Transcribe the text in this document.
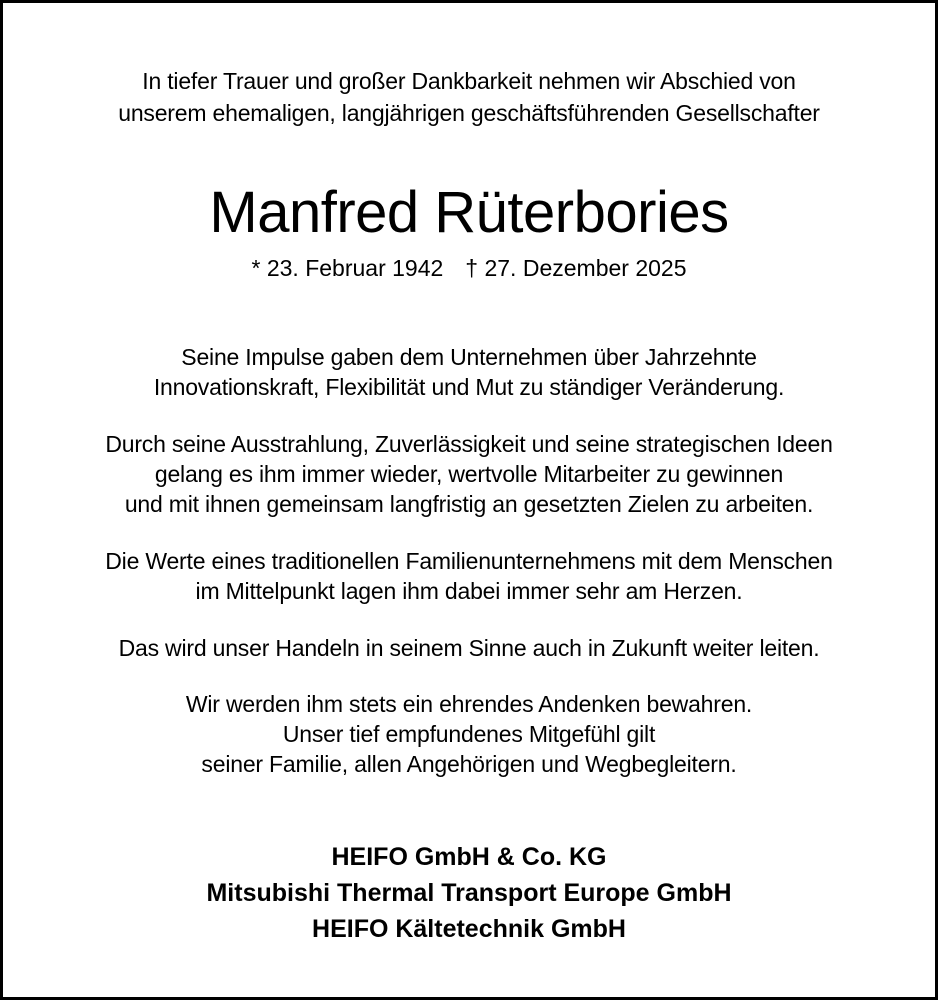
In tiefer Trauer und großer Dankbarkeit nehmen wir Abschied von
unserem ehemaligen, langjährigen geschäftsführenden Gesellschafter
Manfred Rüterbories
* 23. Februar 1942 † 27. Dezember 2025
Seine Impulse gaben dem Unternehmen über Jahrzehnte
Innovationskraft, Flexibilität und Mut zu ständiger Veränderung.
Durch seine Ausstrahlung, Zuverlässigkeit und seine strategischen Ideen
gelang es ihm immer wieder, wertvolle Mitarbeiter zu gewinnen
und mit ihnen gemeinsam langfristig an gesetzten Zielen zu arbeiten.
Die Werte eines traditionellen Familienunternehmens mit dem Menschen
im Mittelpunkt lagen ihm dabei immer sehr am Herzen.
Das wird unser Handeln in seinem Sinne auch in Zukunft weiter leiten.
Wir werden ihm stets ein ehrendes Andenken bewahren.
Unser tief empfundenes Mitgefühl gilt
seiner Familie, allen Angehörigen und Wegbegleitern.
HEIFO GmbH & Co. KG
Mitsubishi Thermal Transport Europe GmbH
HEIFO Kältetechnik GmbH
